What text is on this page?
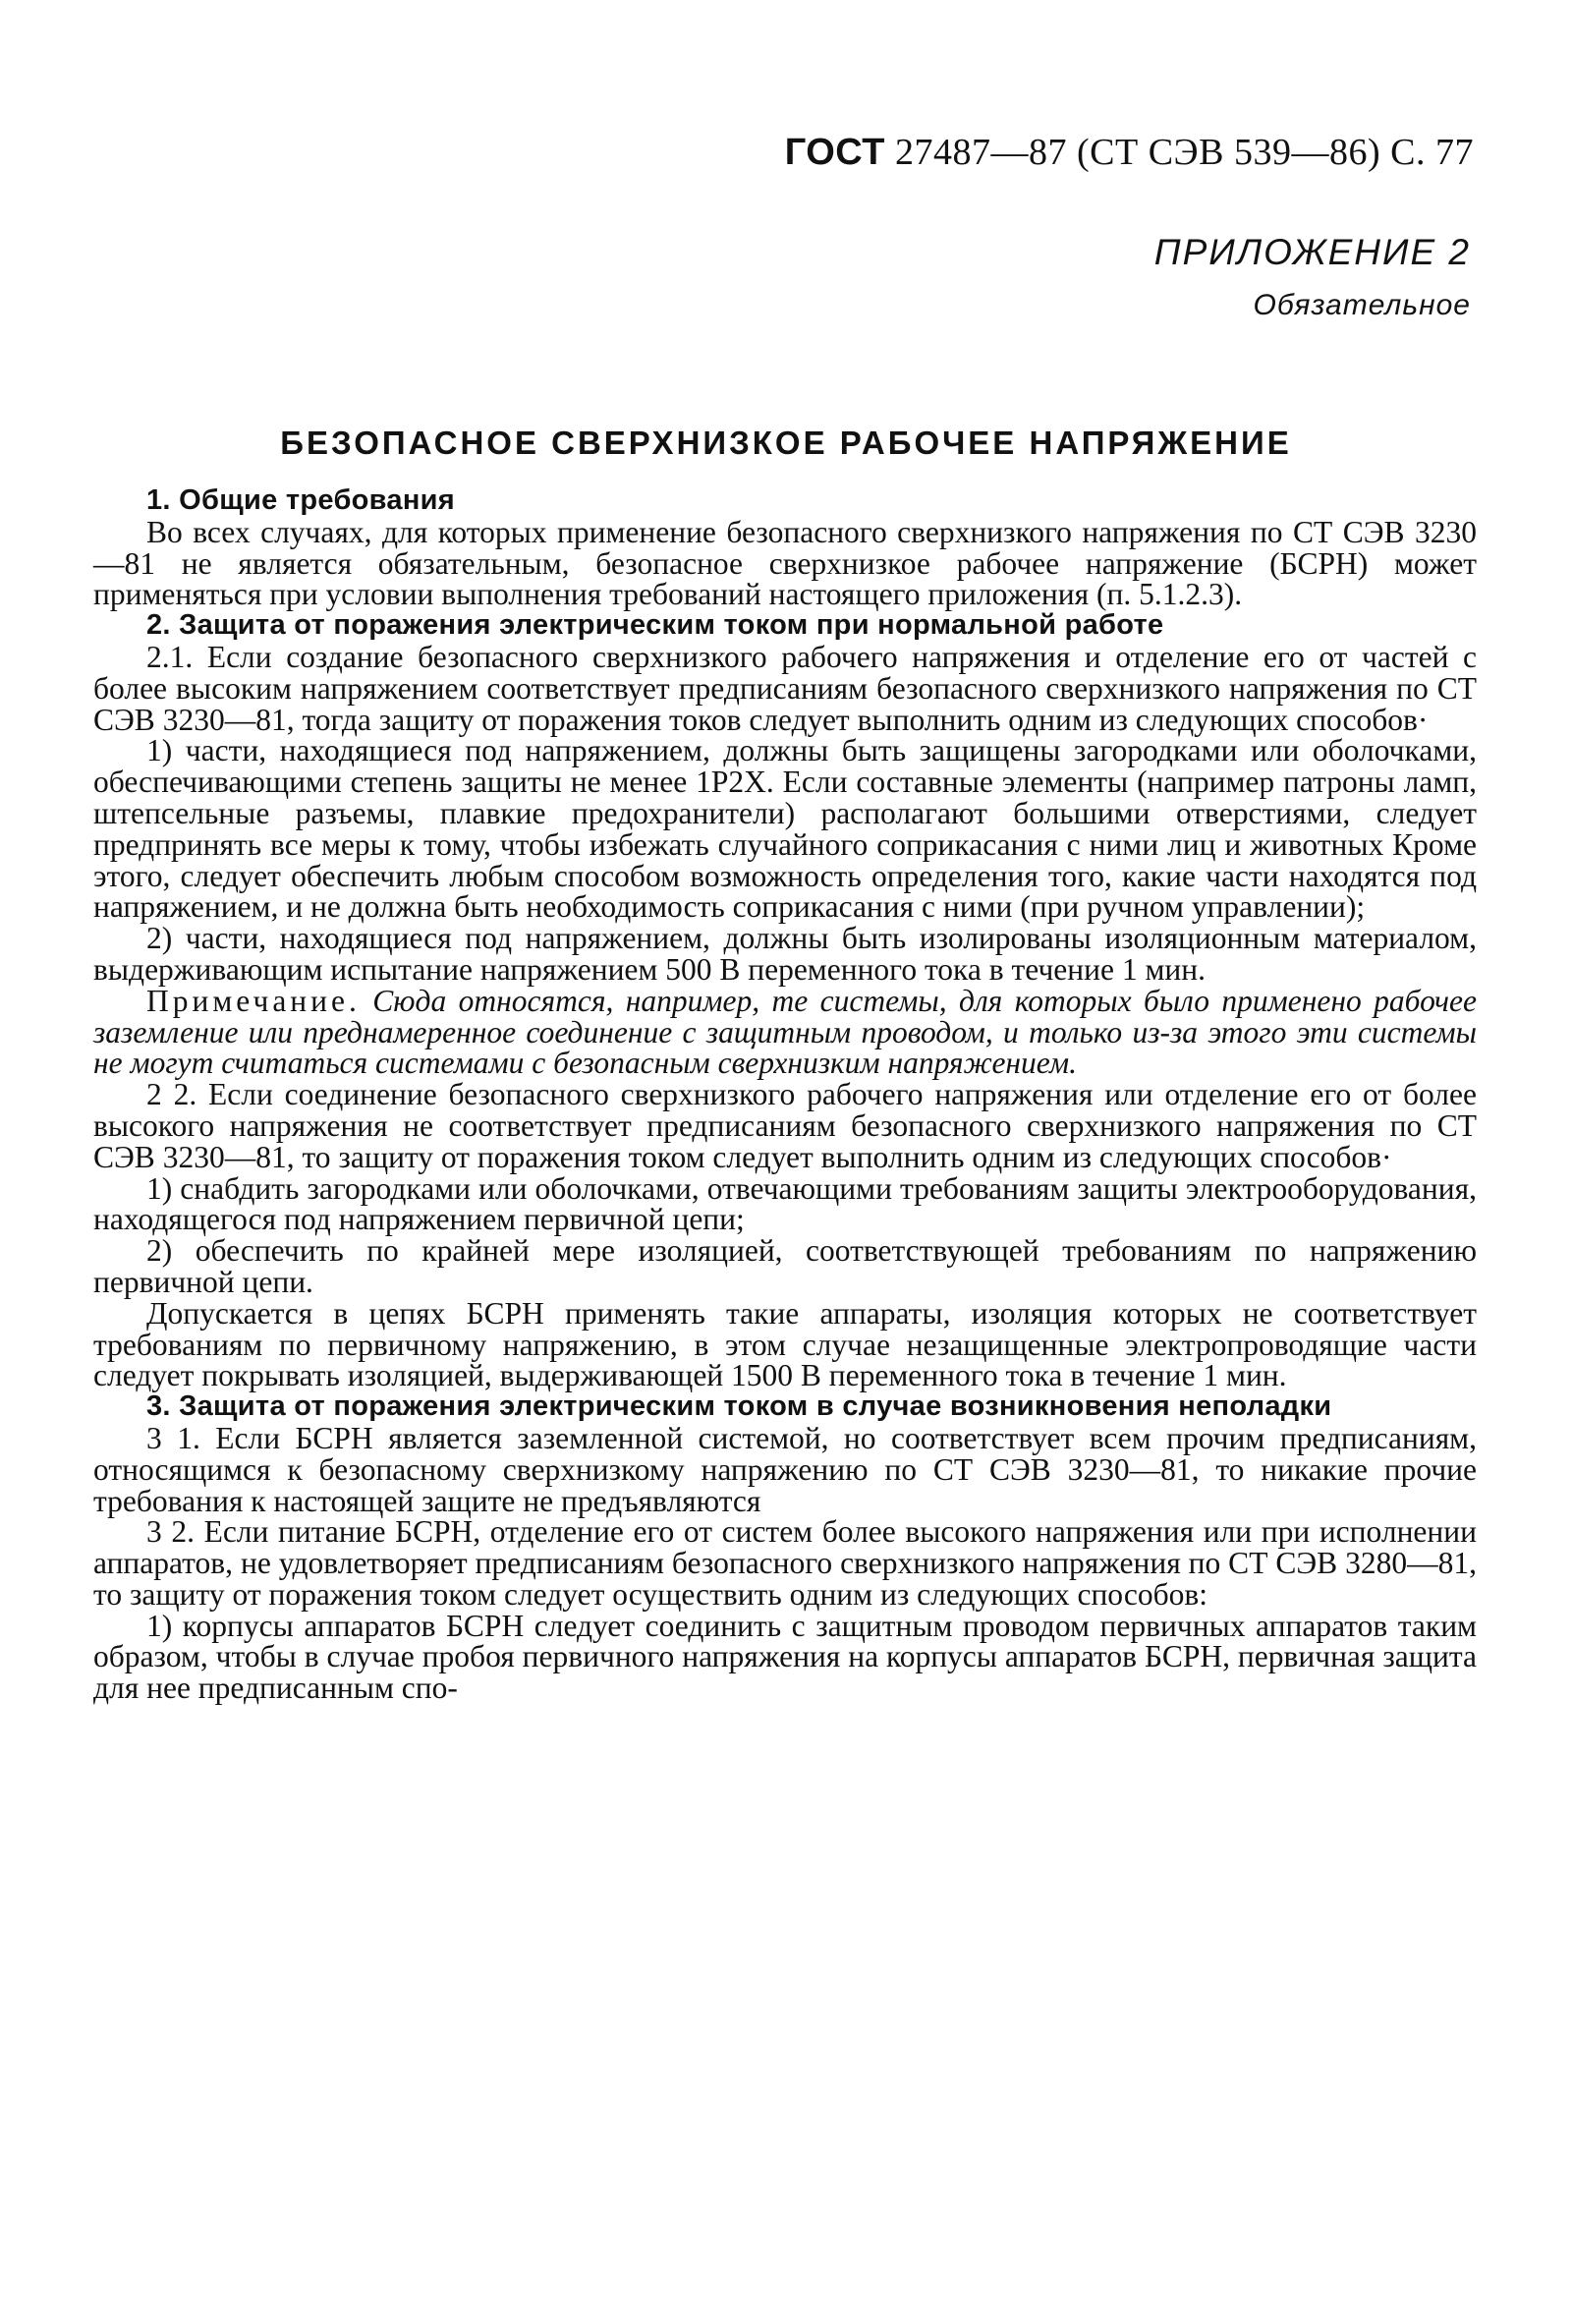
ГОСТ 27487—87 (СТ СЭВ 539—86) С. 77
ПРИЛОЖЕНИЕ 2
Обязательное
БЕЗОПАСНОЕ СВЕРХНИЗКОЕ РАБОЧЕЕ НАПРЯЖЕНИЕ

1. Общие требования

Во всех случаях, для которых применение безопасного сверхнизкого напряжения по СТ СЭВ 3230—81 не является обязательным, безопасное сверхнизкое рабочее напряжение (БСРН) может применяться при условии выполнения требований настоящего приложения (п. 5.1.2.3).

2. Защита от поражения электрическим током при нормальной работе

2.1. Если создание безопасного сверхнизкого рабочего напряжения и отделение его от частей с более высоким напряжением соответствует предписаниям безопасного сверхнизкого напряжения по СТ СЭВ 3230—81, тогда защиту от поражения токов следует выполнить одним из следующих способов·

1) части, находящиеся под напряжением, должны быть защищены загородками или оболочками, обеспечивающими степень защиты не менее 1Р2Х. Если составные элементы (например патроны ламп, штепсельные разъемы, плавкие предохранители) располагают большими отверстиями, следует предпринять все меры к тому, чтобы избежать случайного соприкасания с ними лиц и животных Кроме этого, следует обеспечить любым способом возможность определения того, какие части находятся под напряжением, и не должна быть необходимость соприкасания с ними (при ручном управлении);

2) части, находящиеся под напряжением, должны быть изолированы изоляционным материалом, выдерживающим испытание напряжением 500 В переменного тока в течение 1 мин.

Примечание. Сюда относятся, например, те системы, для которых было применено рабочее заземление или преднамеренное соединение с защитным проводом, и только из-за этого эти системы не могут считаться системами с безопасным сверхнизким напряжением.

2 2. Если соединение безопасного сверхнизкого рабочего напряжения или отделение его от более высокого напряжения не соответствует предписаниям безопасного сверхнизкого напряжения по СТ СЭВ 3230—81, то защиту от поражения током следует выполнить одним из следующих способов·

1) снабдить загородками или оболочками, отвечающими требованиям защиты электрооборудования, находящегося под напряжением первичной цепи;

2) обеспечить по крайней мере изоляцией, соответствующей требованиям по напряжению первичной цепи.

Допускается в цепях БСРН применять такие аппараты, изоляция которых не соответствует требованиям по первичному напряжению, в этом случае незащищенные электропроводящие части следует покрывать изоляцией, выдерживающей 1500 В переменного тока в течение 1 мин.

3. Защита от поражения электрическим током в случае возникновения неполадки

3 1. Если БСРН является заземленной системой, но соответствует всем прочим предписаниям, относящимся к безопасному сверхнизкому напряжению по СТ СЭВ 3230—81, то никакие прочие требования к настоящей защите не предъявляются

3 2. Если питание БСРН, отделение его от систем более высокого напряжения или при исполнении аппаратов, не удовлетворяет предписаниям безопасного сверхнизкого напряжения по СТ СЭВ 3280—81, то защиту от поражения током следует осуществить одним из следующих способов:

1) корпусы аппаратов БСРН следует соединить с защитным проводом первичных аппаратов таким образом, чтобы в случае пробоя первичного напряжения на корпусы аппаратов БСРН, первичная защита для нее предписанным спо-
